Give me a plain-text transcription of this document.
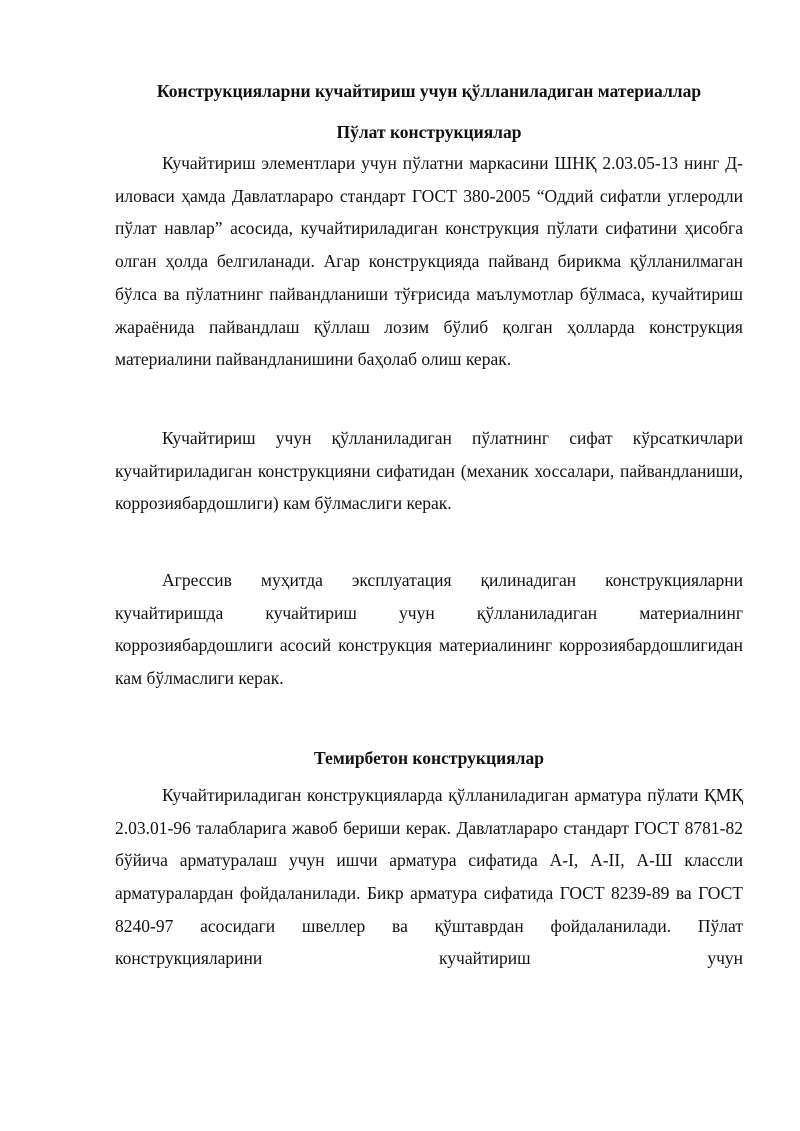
Конструкцияларни кучайтириш учун қўлланиладиган материаллар
Пўлат конструкциялар

Кучайтириш элементлари учун пўлатни маркасини ШНҚ 2.03.05-13 нинг Д-иловаси ҳамда Давлатлараро стандарт ГОСТ 380-2005 “Оддий сифатли углеродли пўлат навлар” асосида, кучайтириладиган конструкция пўлати сифатини ҳисобга олган ҳолда белгиланади. Агар конструкцияда пайванд бирикма қўлланилмаган бўлса ва пўлатнинг пайвандланиши тўғрисида маълумотлар бўлмаса, кучайтириш жараёнида пайвандлаш қўллаш лозим бўлиб қолган ҳолларда конструкция материалини пайвандланишини баҳолаб олиш керак.

Кучайтириш учун қўлланиладиган пўлатнинг сифат кўрсаткичлари кучайтириладиган конструкцияни сифатидан (механик хоссалари, пайвандланиши, коррозиябардошлиги) кам бўлмаслиги керак.

Агрессив муҳитда эксплуатация қилинадиган конструкцияларни кучайтиришда кучайтириш учун қўлланиладиган материалнинг коррозиябардошлиги асосий конструкция материалининг коррозиябардошлигидан кам бўлмаслиги керак.

Темирбетон конструкциялар

Кучайтириладиган конструкцияларда қўлланиладиган арматура пўлати ҚМҚ 2.03.01-96 талабларига жавоб бериши керак. Давлатлараро стандарт ГОСТ 8781-82 бўйича арматуралаш учун ишчи арматура сифатида А-I, А-II, А-Ш классли арматуралардан фойдаланилади. Бикр арматура сифатида ГОСТ 8239-89 ва ГОСТ 8240-97 асосидаги швеллер ва қўштаврдан фойдаланилади. Пўлат конструкцияларини кучайтириш учун
